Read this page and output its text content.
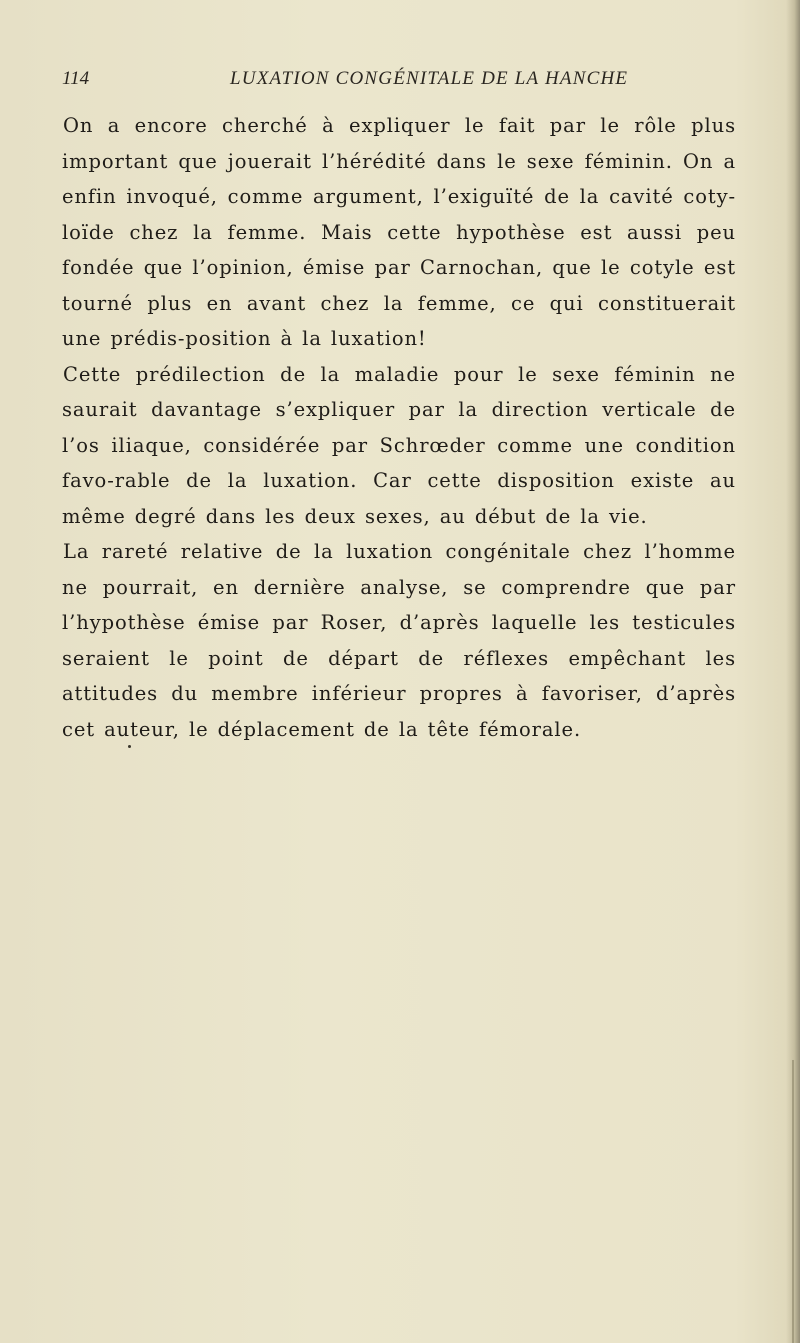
114	LUXATION CONGÉNITALE DE LA HANCHE

On a encore cherché à expliquer le fait par le rôle plus important que jouerait l’hérédité dans le sexe féminin. On a enfin invoqué, comme argument, l’exiguïté de la cavité coty-loïde chez la femme. Mais cette hypothèse est aussi peu fondée que l’opinion, émise par Carnochan, que le cotyle est tourné plus en avant chez la femme, ce qui constituerait une prédis-position à la luxation!

Cette prédilection de la maladie pour le sexe féminin ne saurait davantage s’expliquer par la direction verticale de l’os iliaque, considérée par Schrœder comme une condition favo-rable de la luxation. Car cette disposition existe au même degré dans les deux sexes, au début de la vie.

La rareté relative de la luxation congénitale chez l’homme ne pourrait, en dernière analyse, se comprendre que par l’hypothèse émise par Roser, d’après laquelle les testicules seraient le point de départ de réflexes empêchant les attitudes du membre inférieur propres à favoriser, d’après cet auteur, le déplacement de la tête fémorale.
